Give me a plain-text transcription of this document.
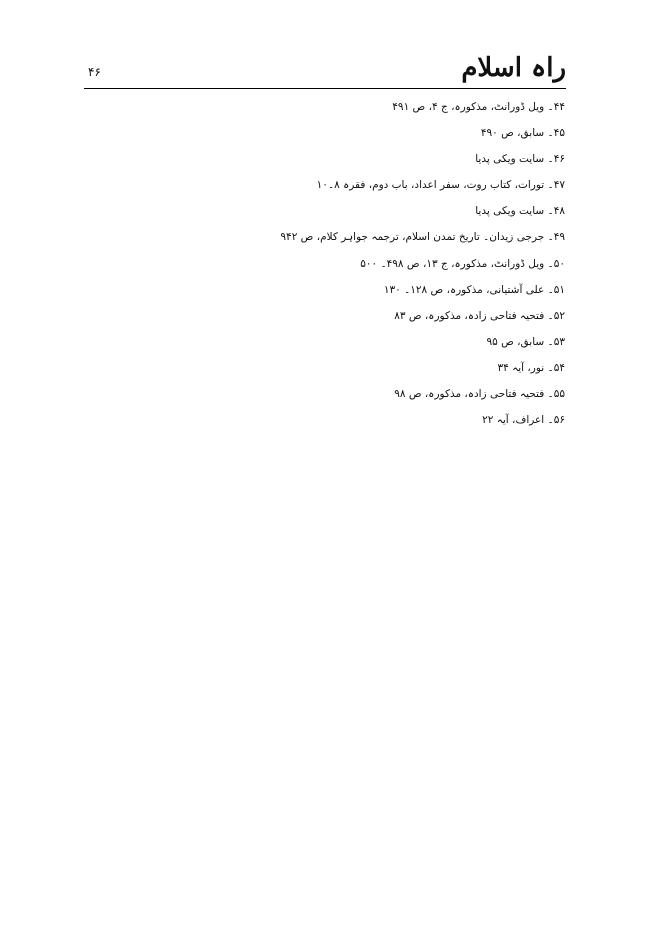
راہ اسلام
۴۶
۴۴۔ ویل ڈورانٹ، مذکورہ، ج ۴، ص ۴۹۱
۴۵۔ سابق، ص ۴۹۰
۴۶۔ سایت ویکی پدیا
۴۷۔ تورات، کتاب روت، سفر اعداد، باب دوم، فقرہ ۸۔۱۰
۴۸۔ سایت ویکی پدیا
۴۹۔ جرجی زیدان۔ تاریخ تمدن اسلام، ترجمہ جواہر کلام، ص ۹۴۲
۵۰۔ ویل ڈورانٹ، مذکورہ، ج ۱۳، ص ۴۹۸۔ ۵۰۰
۵۱۔ علی آشتیانی، مذکورہ، ص ۱۲۸۔ ۱۳۰
۵۲۔ فتحیہ فتاحی زادہ، مذکورہ، ص ۸۳
۵۳۔ سابق، ص ۹۵
۵۴۔ نور، آیہ ۳۴
۵۵۔ فتحیہ فتاحی زادہ، مذکورہ، ص ۹۸
۵۶۔ اعراف، آیہ ۲۲
